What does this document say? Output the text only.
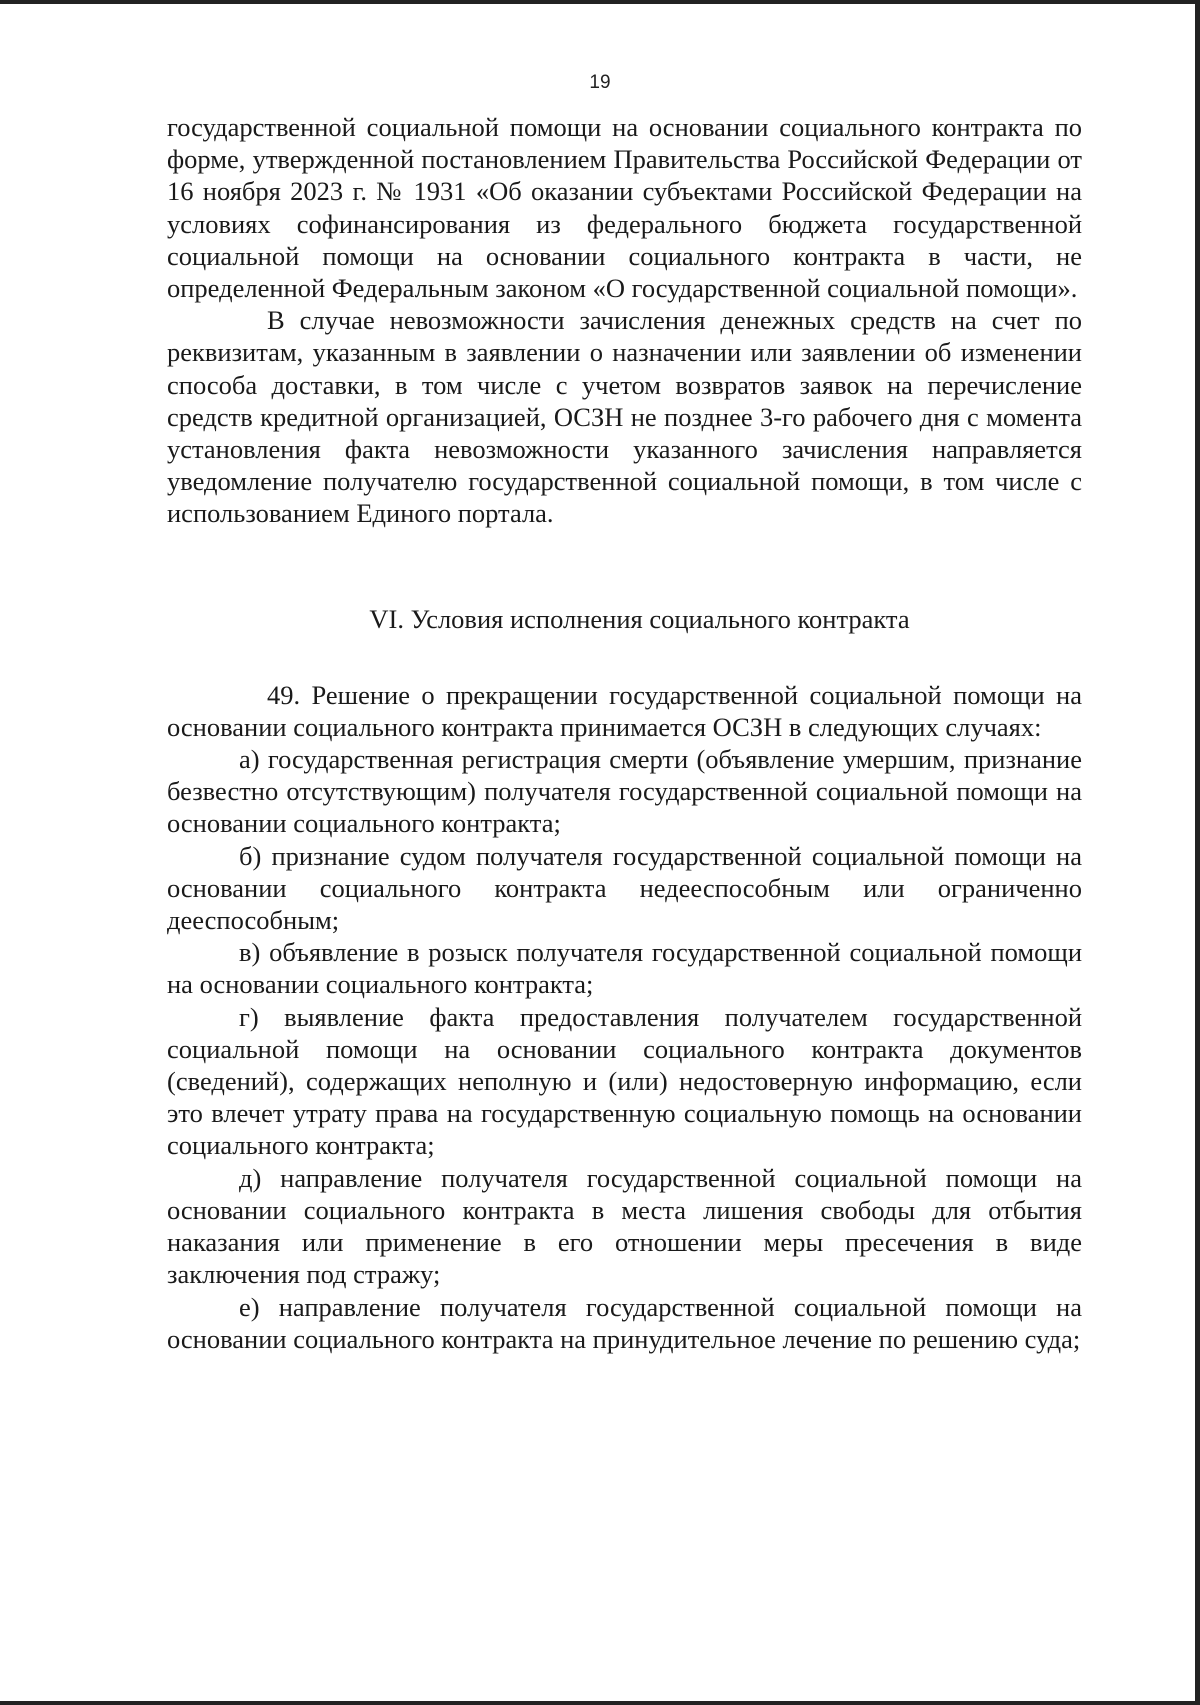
19

государственной социальной помощи на основании социального контракта по форме, утвержденной постановлением Правительства Российской Федерации от 16 ноября 2023 г. № 1931 «Об оказании субъектами Российской Федерации на условиях софинансирования из федерального бюджета государственной социальной помощи на основании социального контракта в части, не определенной Федеральным законом «О государственной социальной помощи».

В случае невозможности зачисления денежных средств на счет по реквизитам, указанным в заявлении о назначении или заявлении об изменении способа доставки, в том числе с учетом возвратов заявок на перечисление средств кредитной организацией, ОСЗН не позднее 3-го рабочего дня с момента установления факта невозможности указанного зачисления направляется уведомление получателю государственной социальной помощи, в том числе с использованием Единого портала.

VI. Условия исполнения социального контракта

49. Решение о прекращении государственной социальной помощи на основании социального контракта принимается ОСЗН в следующих случаях:

а) государственная регистрация смерти (объявление умершим, признание безвестно отсутствующим) получателя государственной социальной помощи на основании социального контракта;

б) признание судом получателя государственной социальной помощи на основании социального контракта недееспособным или ограниченно дееспособным;

в) объявление в розыск получателя государственной социальной помощи на основании социального контракта;

г) выявление факта предоставления получателем государственной социальной помощи на основании социального контракта документов (сведений), содержащих неполную и (или) недостоверную информацию, если это влечет утрату права на государственную социальную помощь на основании социального контракта;

д) направление получателя государственной социальной помощи на основании социального контракта в места лишения свободы для отбытия наказания или применение в его отношении меры пресечения в виде заключения под стражу;

е) направление получателя государственной социальной помощи на основании социального контракта на принудительное лечение по решению суда;
